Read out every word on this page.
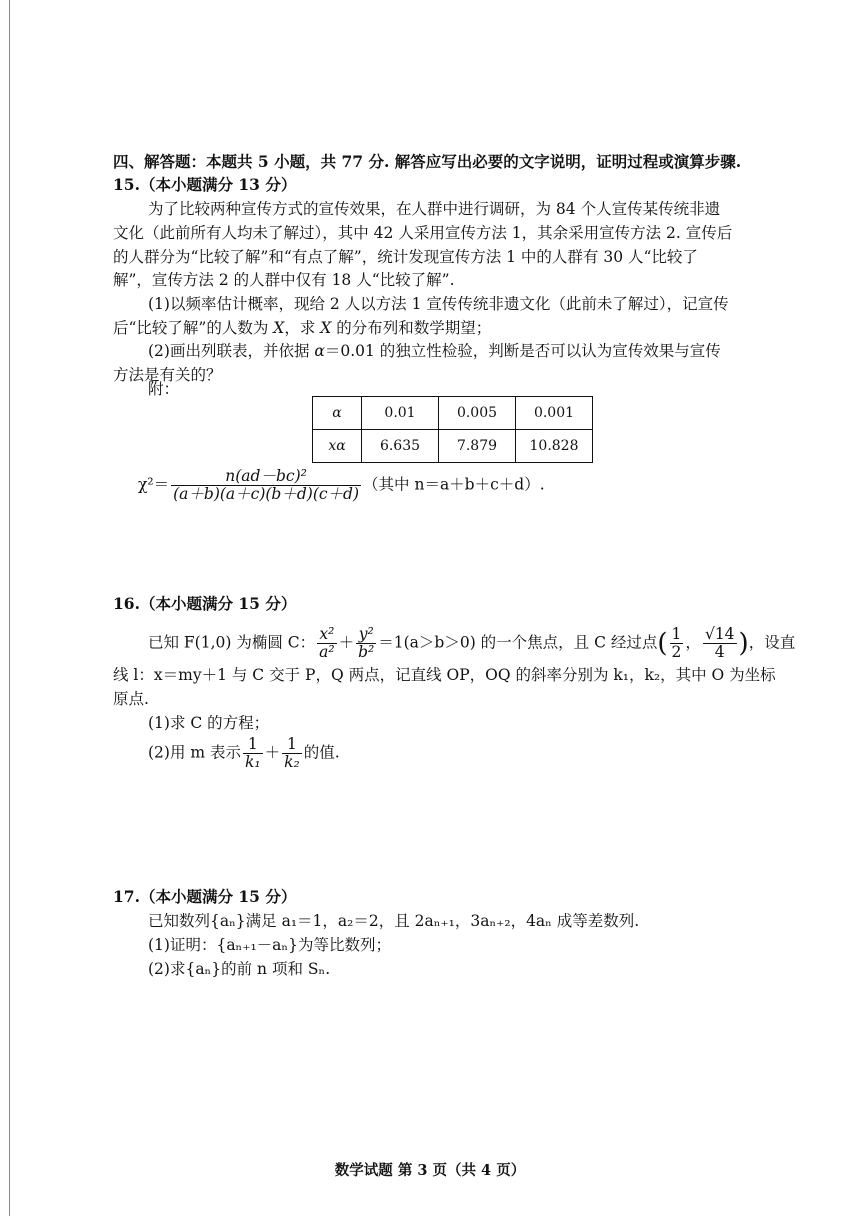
四、解答题：本题共 5 小题，共 77 分. 解答应写出必要的文字说明，证明过程或演算步骤.
15.（本小题满分 13 分）
为了比较两种宣传方式的宣传效果，在人群中进行调研，为 84 个人宣传某传统非遗
文化（此前所有人均未了解过），其中 42 人采用宣传方法 1，其余采用宣传方法 2. 宣传后
的人群分为“比较了解”和“有点了解”，统计发现宣传方法 1 中的人群有 30 人“比较了
解”，宣传方法 2 的人群中仅有 18 人“比较了解”.
(1)以频率估计概率，现给 2 人以方法 1 宣传传统非遗文化（此前未了解过），记宣传
后“比较了解”的人数为 X，求 X 的分布列和数学期望；
(2)画出列联表，并依据 α＝0.01 的独立性检验，判断是否可以认为宣传效果与宣传
方法是有关的？
附：
α	0.01	0.005	0.001
xα	6.635	7.879	10.828
$\chi^2= \frac{\text{n(ad－bc)²}}{(a+b)(a+c)(b+d)(c+d)}$ （其中 n＝a＋b＋c＋d）.
16.（本小题满分 15 分）
已知 F(1,0) 为椭圆 C： $\frac{\text{x²}}{\text{a²}} + \frac{\text{y²}}{\text{b²}} =1(a>b>0)$ 的一个焦点，且 C 经过点( $\frac{1}{2}$ ， $\frac{√14}{4}$ )，设直
线 l：x＝my＋1 与 C 交于 P，Q 两点，记直线 OP，OQ 的斜率分别为 k₁，k₂，其中 O 为坐标
原点.
(1)求 C 的方程；
(2)用 m 表示 $\frac{1}{\text{k₁}} + \frac{1}{\text{k₂}}$ 的值.
17.（本小题满分 15 分）
已知数列{aₙ}满足 a₁＝1，a₂＝2，且 2aₙ₊₁，3aₙ₊₂，4aₙ 成等差数列.
(1)证明：{aₙ₊₁－aₙ}为等比数列；
(2)求{aₙ}的前 n 项和 Sₙ.
数学试题 第 3 页（共 4 页）
